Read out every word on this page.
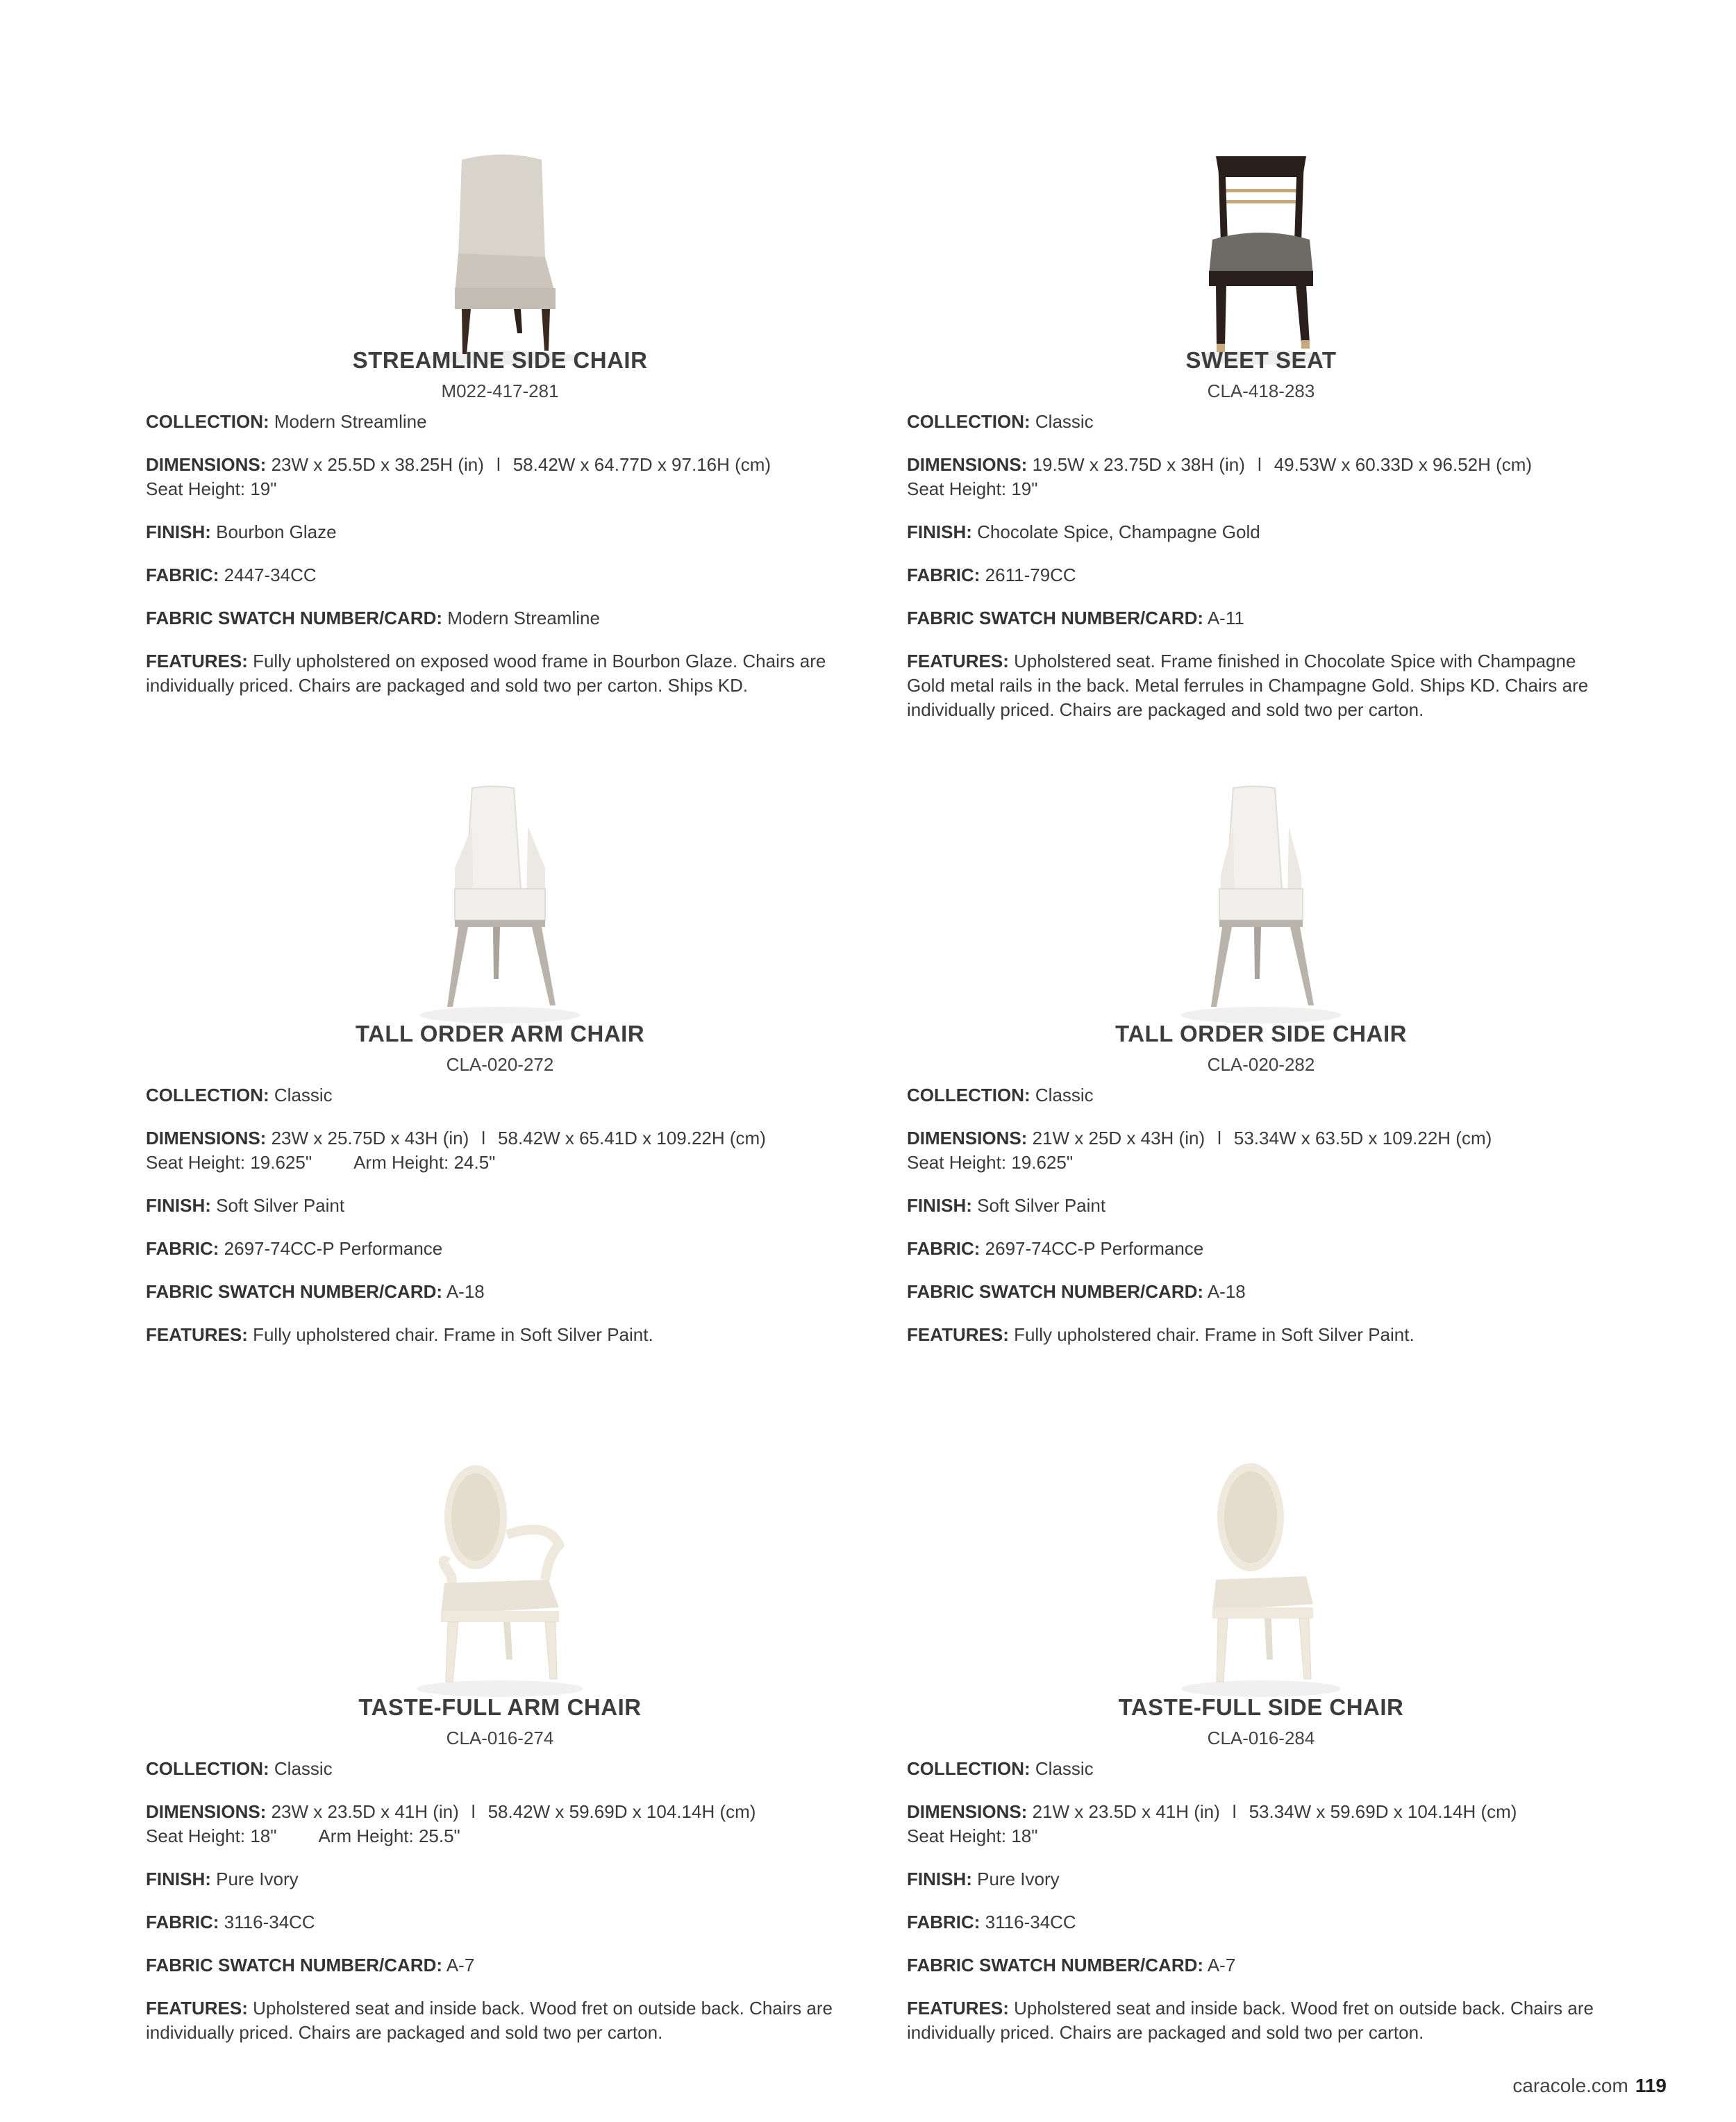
STREAMLINE SIDE CHAIR
M022-417-281
COLLECTION: Modern Streamline
DIMENSIONS: 23W x 25.5D x 38.25H (in) l 58.42W x 64.77D x 97.16H (cm)
Seat Height: 19"
FINISH: Bourbon Glaze
FABRIC: 2447-34CC
FABRIC SWATCH NUMBER/CARD: Modern Streamline
FEATURES: Fully upholstered on exposed wood frame in Bourbon Glaze. Chairs are individually priced. Chairs are packaged and sold two per carton. Ships KD.
SWEET SEAT
CLA-418-283
COLLECTION: Classic
DIMENSIONS: 19.5W x 23.75D x 38H (in) l 49.53W x 60.33D x 96.52H (cm)
Seat Height: 19"
FINISH: Chocolate Spice, Champagne Gold
FABRIC: 2611-79CC
FABRIC SWATCH NUMBER/CARD: A-11
FEATURES: Upholstered seat. Frame finished in Chocolate Spice with Champagne Gold metal rails in the back. Metal ferrules in Champagne Gold. Ships KD. Chairs are individually priced. Chairs are packaged and sold two per carton.
TALL ORDER ARM CHAIR
CLA-020-272
COLLECTION: Classic
DIMENSIONS: 23W x 25.75D x 43H (in) l 58.42W x 65.41D x 109.22H (cm)
Seat Height: 19.625" Arm Height: 24.5"
FINISH: Soft Silver Paint
FABRIC: 2697-74CC-P Performance
FABRIC SWATCH NUMBER/CARD: A-18
FEATURES: Fully upholstered chair. Frame in Soft Silver Paint.
TALL ORDER SIDE CHAIR
CLA-020-282
COLLECTION: Classic
DIMENSIONS: 21W x 25D x 43H (in) l 53.34W x 63.5D x 109.22H (cm)
Seat Height: 19.625"
FINISH: Soft Silver Paint
FABRIC: 2697-74CC-P Performance
FABRIC SWATCH NUMBER/CARD: A-18
FEATURES: Fully upholstered chair. Frame in Soft Silver Paint.
TASTE-FULL ARM CHAIR
CLA-016-274
COLLECTION: Classic
DIMENSIONS: 23W x 23.5D x 41H (in) l 58.42W x 59.69D x 104.14H (cm)
Seat Height: 18" Arm Height: 25.5"
FINISH: Pure Ivory
FABRIC: 3116-34CC
FABRIC SWATCH NUMBER/CARD: A-7
FEATURES: Upholstered seat and inside back. Wood fret on outside back. Chairs are individually priced. Chairs are packaged and sold two per carton.
TASTE-FULL SIDE CHAIR
CLA-016-284
COLLECTION: Classic
DIMENSIONS: 21W x 23.5D x 41H (in) l 53.34W x 59.69D x 104.14H (cm)
Seat Height: 18"
FINISH: Pure Ivory
FABRIC: 3116-34CC
FABRIC SWATCH NUMBER/CARD: A-7
FEATURES: Upholstered seat and inside back. Wood fret on outside back. Chairs are individually priced. Chairs are packaged and sold two per carton.
caracole.com 119
